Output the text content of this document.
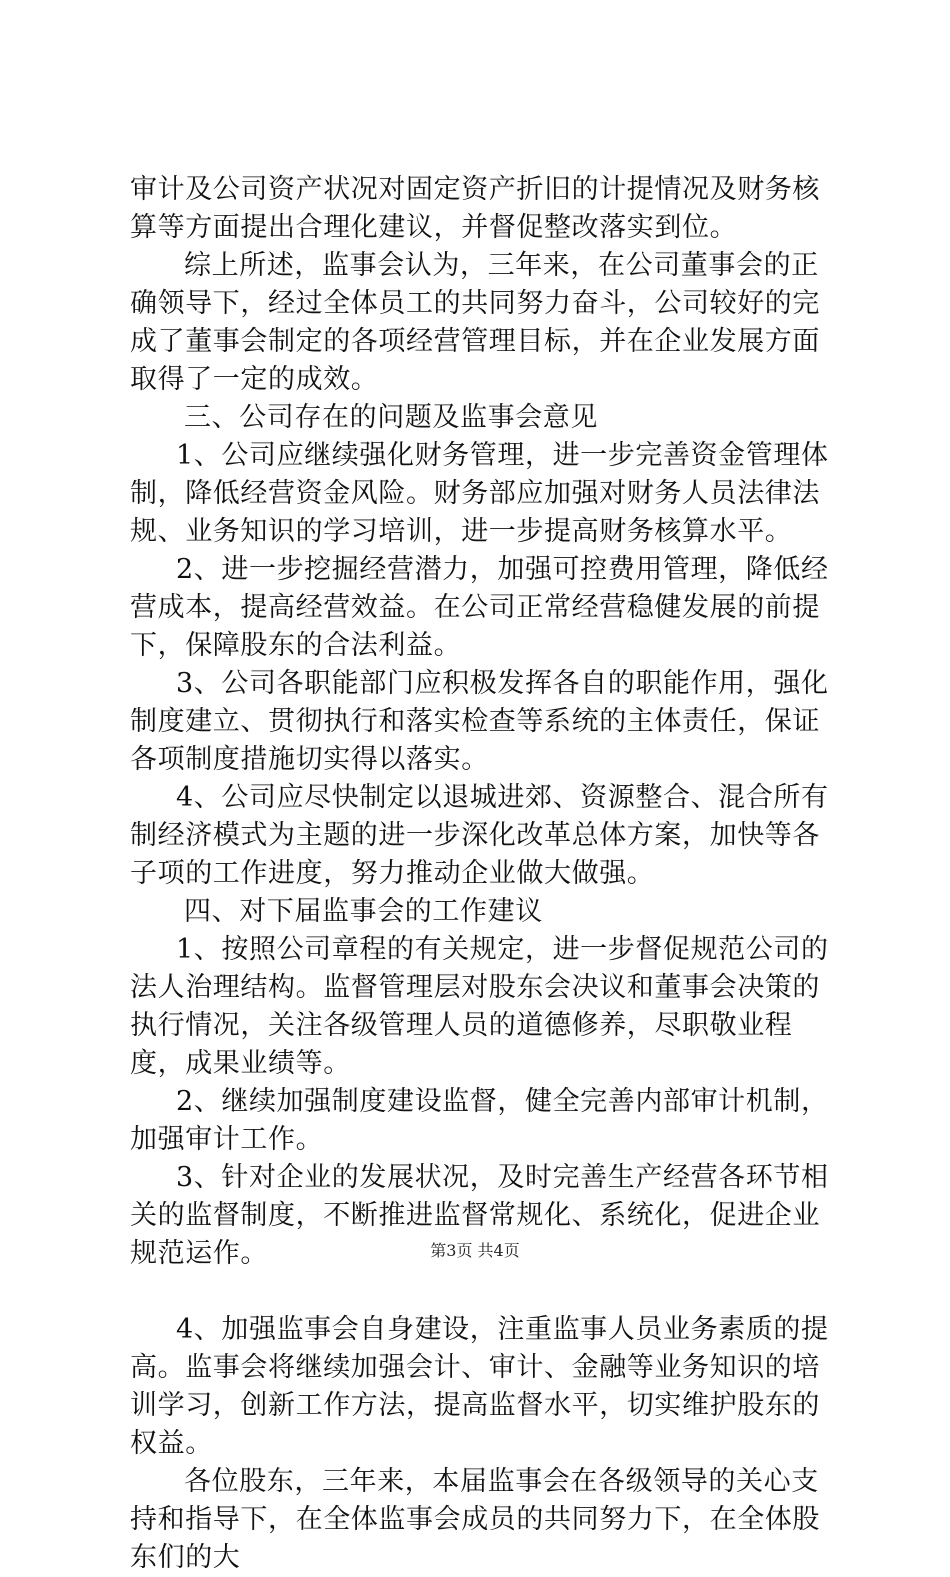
审计及公司资产状况对固定资产折旧的计提情况及财务核算等方面提出合理化建议，并督促整改落实到位。

综上所述，监事会认为，三年来，在公司董事会的正确领导下，经过全体员工的共同努力奋斗，公司较好的完成了董事会制定的各项经营管理目标，并在企业发展方面取得了一定的成效。

三、公司存在的问题及监事会意见

1、公司应继续强化财务管理，进一步完善资金管理体制，降低经营资金风险。财务部应加强对财务人员法律法规、业务知识的学习培训，进一步提高财务核算水平。

2、进一步挖掘经营潜力，加强可控费用管理，降低经营成本，提高经营效益。在公司正常经营稳健发展的前提下，保障股东的合法利益。

3、公司各职能部门应积极发挥各自的职能作用，强化制度建立、贯彻执行和落实检查等系统的主体责任，保证各项制度措施切实得以落实。

4、公司应尽快制定以退城进郊、资源整合、混合所有制经济模式为主题的进一步深化改革总体方案，加快等各子项的工作进度，努力推动企业做大做强。

四、对下届监事会的工作建议

1、按照公司章程的有关规定，进一步督促规范公司的法人治理结构。监督管理层对股东会决议和董事会决策的执行情况，关注各级管理人员的道德修养，尽职敬业程度，成果业绩等。

2、继续加强制度建设监督，健全完善内部审计机制，加强审计工作。

3、针对企业的发展状况，及时完善生产经营各环节相关的监督制度，不断推进监督常规化、系统化，促进企业规范运作。

4、加强监事会自身建设，注重监事人员业务素质的提高。监事会将继续加强会计、审计、金融等业务知识的培训学习，创新工作方法，提高监督水平，切实维护股东的权益。

各位股东，三年来，本届监事会在各级领导的关心支持和指导下，在全体监事会成员的共同努力下，在全体股东们的大

第3页 共4页
